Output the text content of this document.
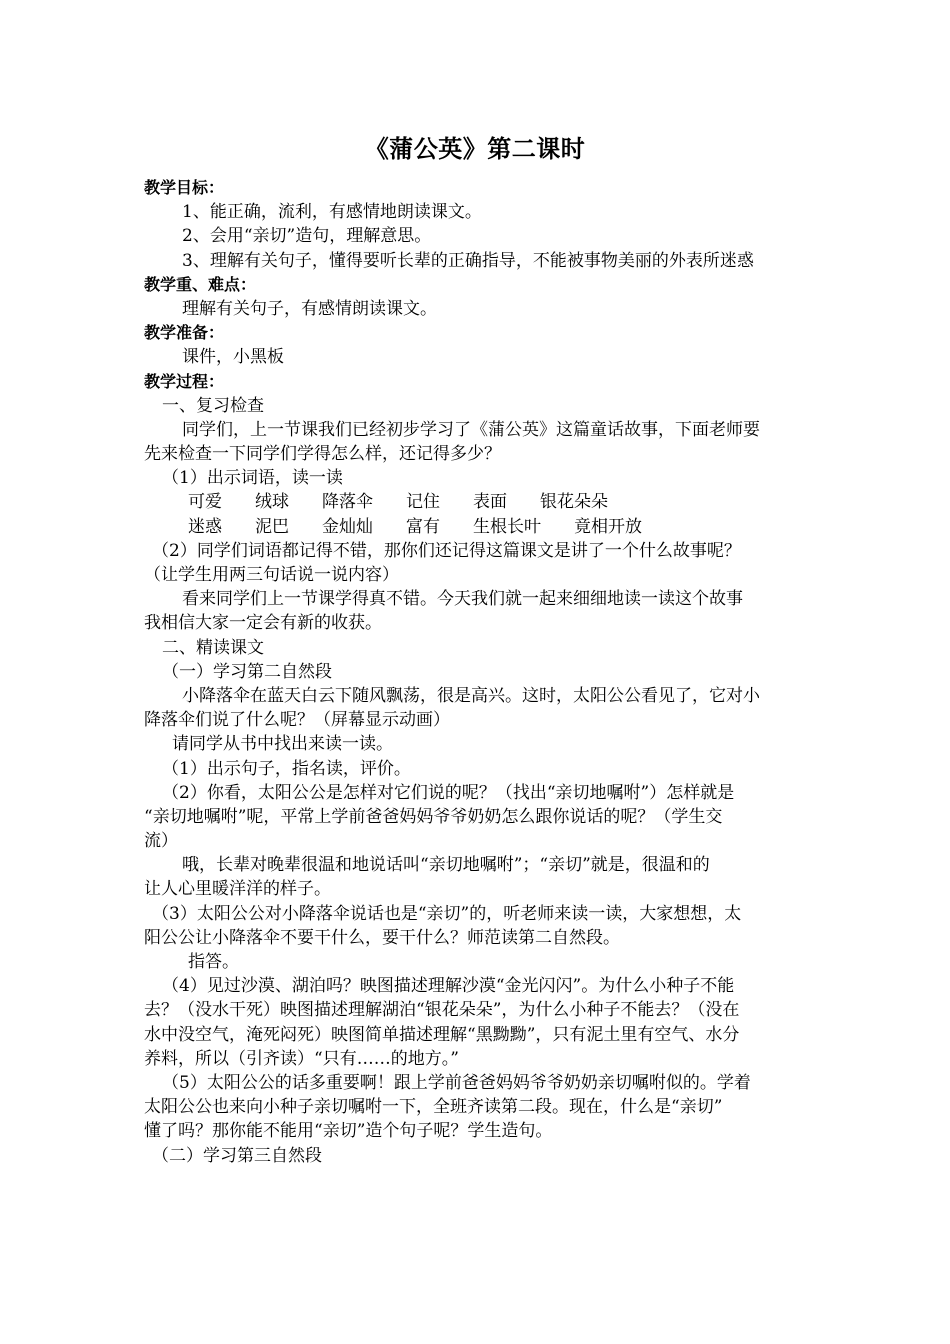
《蒲公英》第二课时
教学目标：
1、能正确，流利，有感情地朗读课文。
2、会用“亲切”造句，理解意思。
3、理解有关句子，懂得要听长辈的正确指导，不能被事物美丽的外表所迷惑
教学重、难点：
理解有关句子，有感情朗读课文。
教学准备：
课件，小黑板
教学过程：
一、复习检查
同学们，上一节课我们已经初步学习了《蒲公英》这篇童话故事，下面老师要
先来检查一下同学们学得怎么样，还记得多少？
（1）出示词语，读一读
可爱 绒球 降落伞 记住 表面 银花朵朵
迷惑 泥巴 金灿灿 富有 生根长叶 竟相开放
（2）同学们词语都记得不错，那你们还记得这篇课文是讲了一个什么故事呢？
（让学生用两三句话说一说内容）
看来同学们上一节课学得真不错。今天我们就一起来细细地读一读这个故事
我相信大家一定会有新的收获。
二、精读课文
（一）学习第二自然段
小降落伞在蓝天白云下随风飘荡，很是高兴。这时，太阳公公看见了，它对小
降落伞们说了什么呢？（屏幕显示动画）
请同学从书中找出来读一读。
（1）出示句子，指名读，评价。
（2）你看，太阳公公是怎样对它们说的呢？（找出“亲切地嘱咐”）怎样就是
“亲切地嘱咐”呢，平常上学前爸爸妈妈爷爷奶奶怎么跟你说话的呢？（学生交
流）
哦，长辈对晚辈很温和地说话叫“亲切地嘱咐”；“亲切”就是，很温和的
让人心里暖洋洋的样子。
（3）太阳公公对小降落伞说话也是“亲切”的，听老师来读一读，大家想想，太
阳公公让小降落伞不要干什么，要干什么？师范读第二自然段。
指答。
（4）见过沙漠、湖泊吗？映图描述理解沙漠“金光闪闪”。为什么小种子不能
去？（没水干死）映图描述理解湖泊“银花朵朵”，为什么小种子不能去？（没在
水中没空气，淹死闷死）映图简单描述理解“黑黝黝”，只有泥土里有空气、水分
养料，所以（引齐读）“只有……的地方。”
（5）太阳公公的话多重要啊！跟上学前爸爸妈妈爷爷奶奶亲切嘱咐似的。学着
太阳公公也来向小种子亲切嘱咐一下，全班齐读第二段。现在，什么是“亲切”
懂了吗？那你能不能用“亲切”造个句子呢？学生造句。
（二）学习第三自然段
